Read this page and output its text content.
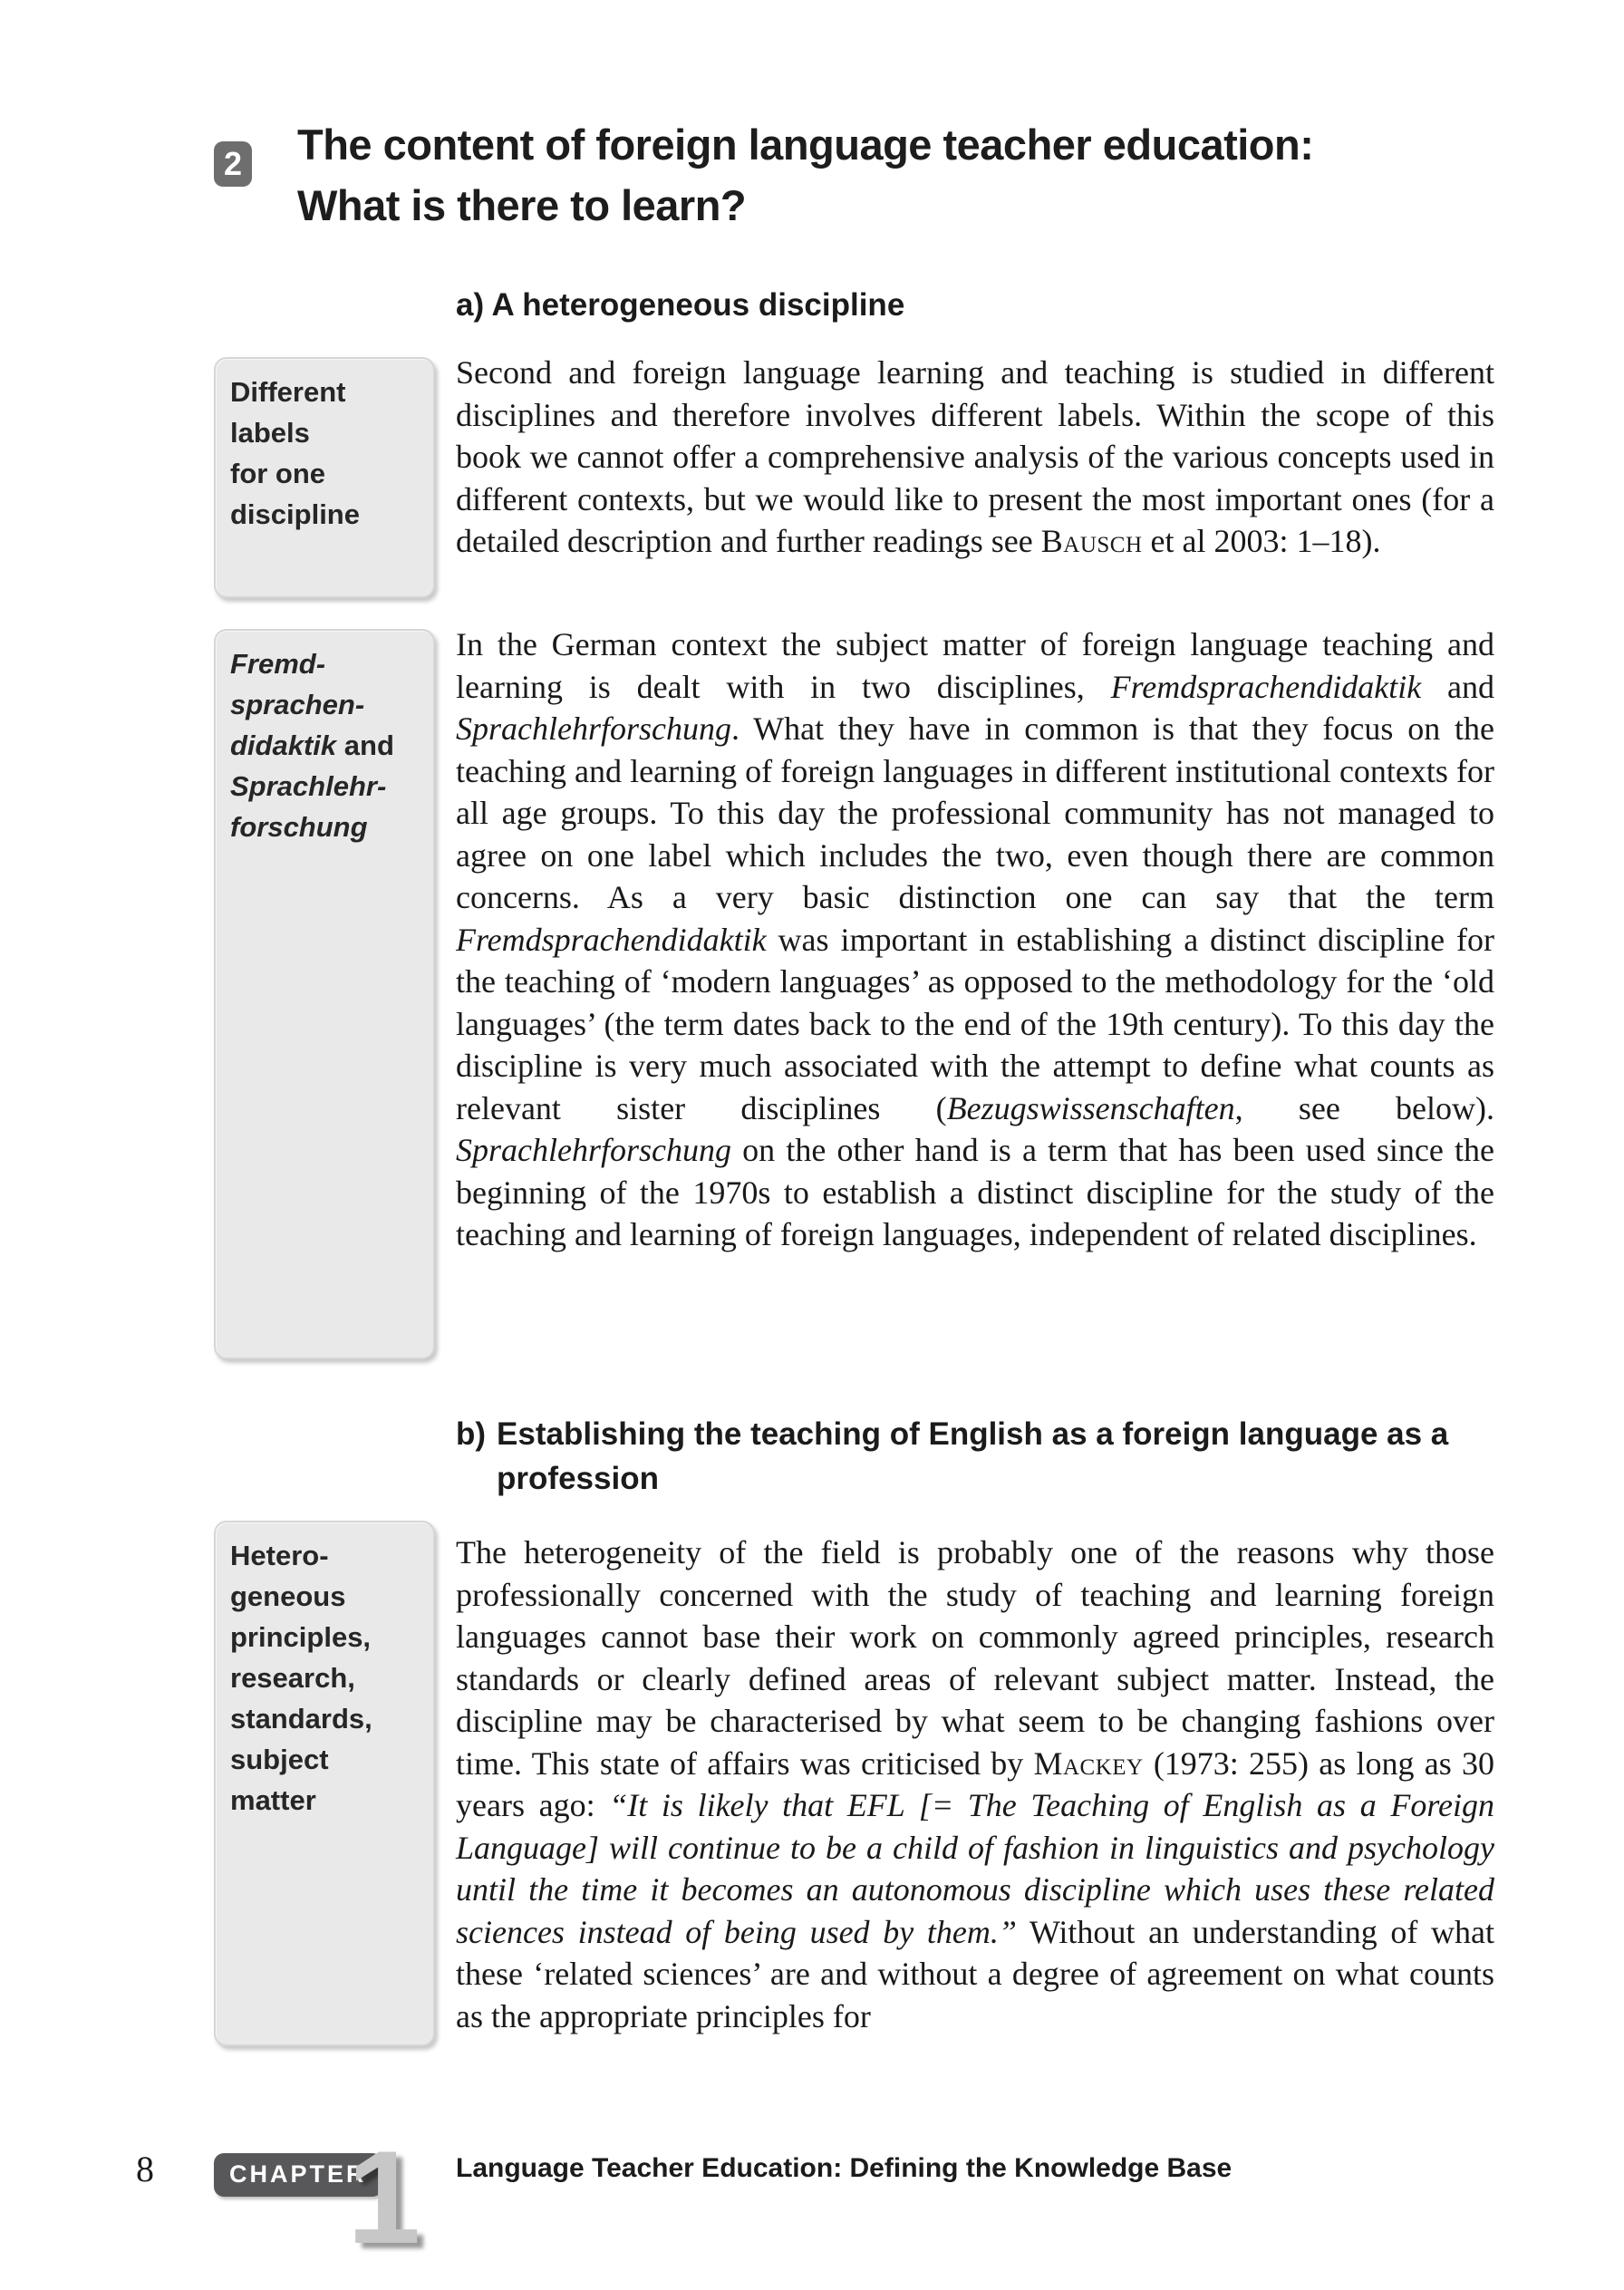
2 The content of foreign language teacher education:
What is there to learn?
a) A heterogeneous discipline
Different
labels
for one
discipline
Second and foreign language learning and teaching is studied in different disciplines and therefore involves different labels. Within the scope of this book we cannot offer a comprehensive analysis of the various concepts used in different contexts, but we would like to present the most important ones (for a detailed description and further readings see Bausch et al 2003: 1–18).
Fremd-
sprachen-
didaktik and
Sprachlehr-
forschung
In the German context the subject matter of foreign language teaching and learning is dealt with in two disciplines, Fremdsprachendidaktik and Sprachlehrforschung. What they have in common is that they focus on the teaching and learning of foreign languages in different institutional contexts for all age groups. To this day the professional community has not managed to agree on one label which includes the two, even though there are common concerns. As a very basic distinction one can say that the term Fremdsprachendidaktik was important in establishing a distinct discipline for the teaching of ‘modern languages’ as opposed to the methodology for the ‘old languages’ (the term dates back to the end of the 19th century). To this day the discipline is very much associated with the attempt to define what counts as relevant sister disciplines (Bezugswissenschaften, see below). Sprachlehrforschung on the other hand is a term that has been used since the beginning of the 1970s to establish a distinct discipline for the study of the teaching and learning of foreign languages, independent of related disciplines.
b) Establishing the teaching of English as a foreign language as a profession
Hetero-
geneous
principles,
research,
standards,
subject
matter
The heterogeneity of the field is probably one of the reasons why those professionally concerned with the study of teaching and learning foreign languages cannot base their work on commonly agreed principles, research standards or clearly defined areas of relevant subject matter. Instead, the discipline may be characterised by what seem to be changing fashions over time. This state of affairs was criticised by Mackey (1973: 255) as long as 30 years ago: “It is likely that EFL [= The Teaching of English as a Foreign Language] will continue to be a child of fashion in linguistics and psychology until the time it becomes an autonomous discipline which uses these related sciences instead of being used by them.” Without an understanding of what these ‘related sciences’ are and without a degree of agreement on what counts as the appropriate principles for
8	CHAPTER
1 Language Teacher Education: Defining the Knowledge Base
